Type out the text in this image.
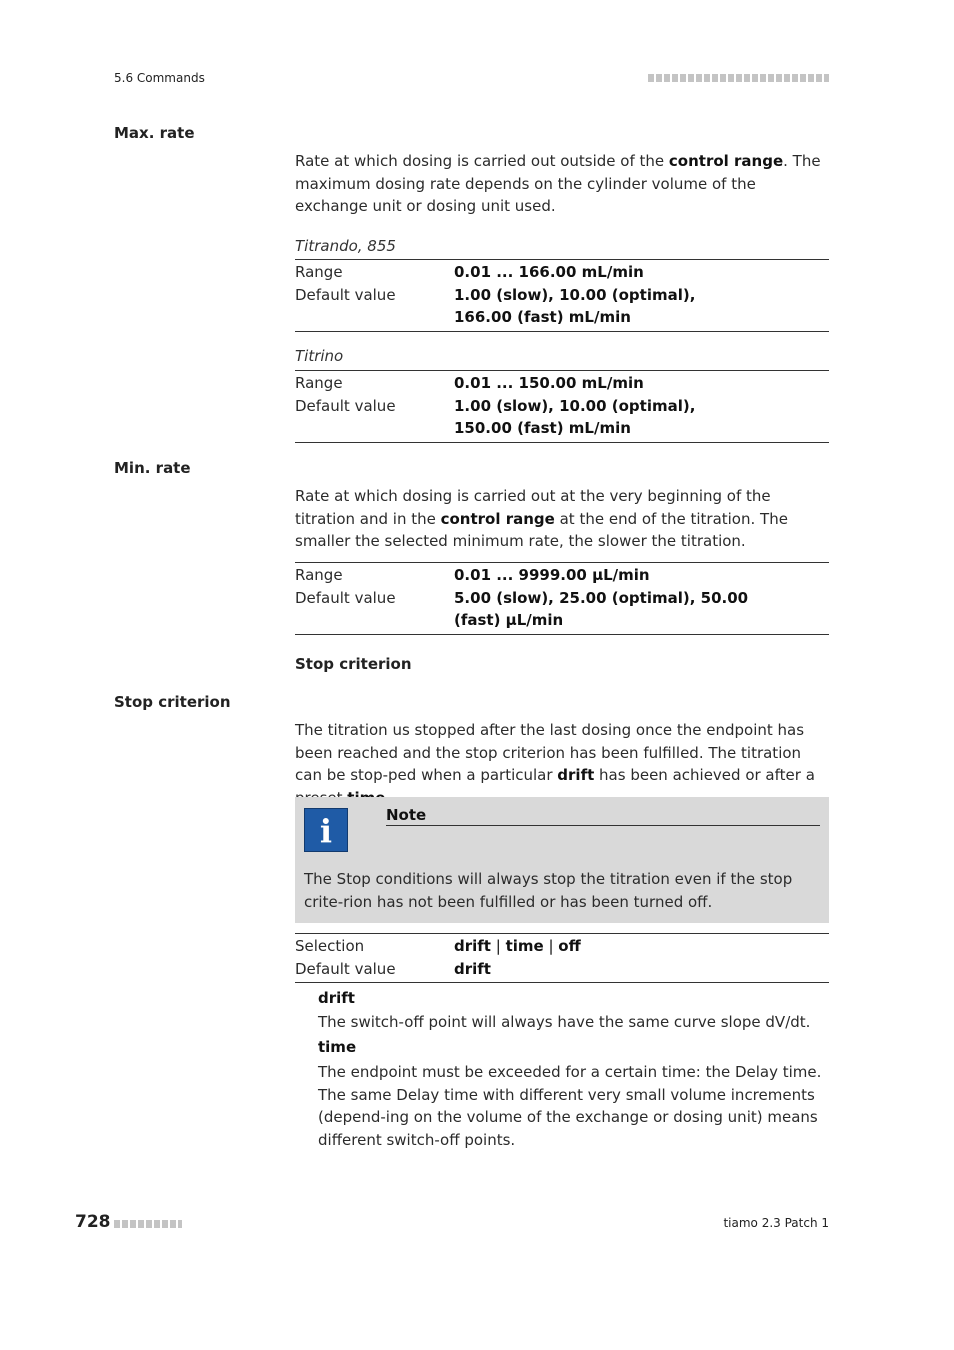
5.6 Commands
Max. rate

Rate at which dosing is carried out outside of the control range. The maximum dosing rate depends on the cylinder volume of the exchange unit or dosing unit used.

Titrando, 855
Range	0.01 ... 166.00 mL/min
Default value	1.00 (slow), 10.00 (optimal), 166.00 (fast) mL/min
Titrino
Range	0.01 ... 150.00 mL/min
Default value	1.00 (slow), 10.00 (optimal), 150.00 (fast) mL/min
Min. rate

Rate at which dosing is carried out at the very beginning of the titration and in the control range at the end of the titration. The smaller the selected minimum rate, the slower the titration.

Range	0.01 ... 9999.00 µL/min
Default value	5.00 (slow), 25.00 (optimal), 50.00 (fast) µL/min
Stop criterion
Stop criterion

The titration us stopped after the last dosing once the endpoint has been reached and the stop criterion has been fulfilled. The titration can be stop-ped when a particular drift has been achieved or after a

i	Note

The Stop conditions will always stop the titration even if the stop crite-rion has not been fulfilled or has been turned off.

Selection	drift | time | off
Default value	drift
drift

The switch-off point will always have the same curve slope dV/dt.

time

The endpoint must be exceeded for a certain time: the Delay time. The same Delay time with different very small volume increments (depend-ing on the volume of the exchange or dosing unit) means different switch-off points.

728	tiamo 2.3 Patch 1
